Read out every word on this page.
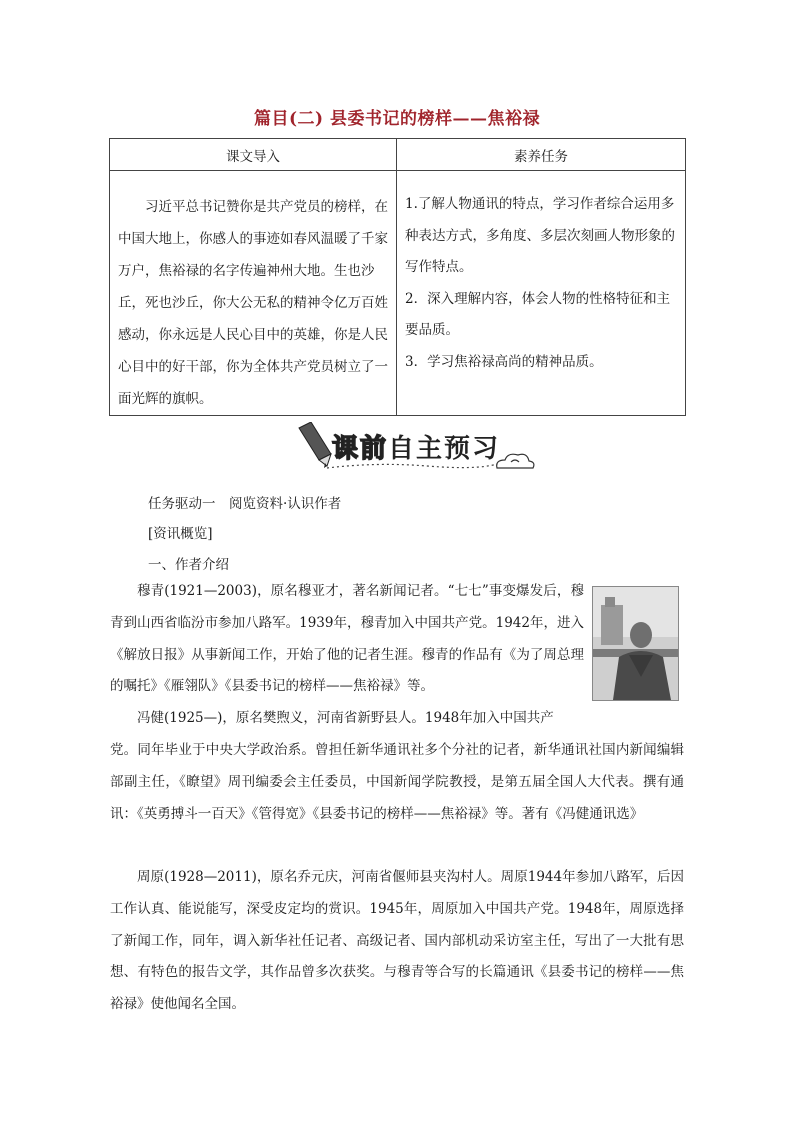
篇目(二) 县委书记的榜样——焦裕禄
课文导入	素养任务
习近平总书记赞你是共产党员的榜样，在中国大地上，你感人的事迹如春风温暖了千家万户，焦裕禄的名字传遍神州大地。生也沙丘，死也沙丘，你大公无私的精神令亿万百姓感动，你永远是人民心目中的英雄，你是人民心目中的好干部，你为全体共产党员树立了一面光辉的旗帜。	1.了解人物通讯的特点，学习作者综合运用多种表达方式，多角度、多层次刻画人物形象的写作特点。

2．深入理解内容，体会人物的性格特征和主要品质。

3．学习焦裕禄高尚的精神品质。

课前自主预习
任务驱动一　阅览资料·认识作者
[资讯概览]
一、作者介绍
穆青(1921—2003)，原名穆亚才，著名新闻记者。“七七”事变爆发后，穆青到山西省临汾市参加八路军。1939年，穆青加入中国共产党。1942年，进入《解放日报》从事新闻工作，开始了他的记者生涯。穆青的作品有《为了周总理的嘱托》《雁翎队》《县委书记的榜样——焦裕禄》等。
冯健(1925—)，原名樊煦义，河南省新野县人。1948年加入中国共产
党。同年毕业于中央大学政治系。曾担任新华通讯社多个分社的记者，新华通讯社国内新闻编辑部副主任，《瞭望》周刊编委会主任委员，中国新闻学院教授，是第五届全国人大代表。撰有通讯：《英勇搏斗一百天》《管得宽》《县委书记的榜样——焦裕禄》等。著有《冯健通讯选》
周原(1928—2011)，原名乔元庆，河南省偃师县夹沟村人。周原1944年参加八路军，后因工作认真、能说能写，深受皮定均的赏识。1945年，周原加入中国共产党。1948年，周原选择了新闻工作，同年，调入新华社任记者、高级记者、国内部机动采访室主任，写出了一大批有思想、有特色的报告文学，其作品曾多次获奖。与穆青等合写的长篇通讯《县委书记的榜样——焦裕禄》使他闻名全国。
